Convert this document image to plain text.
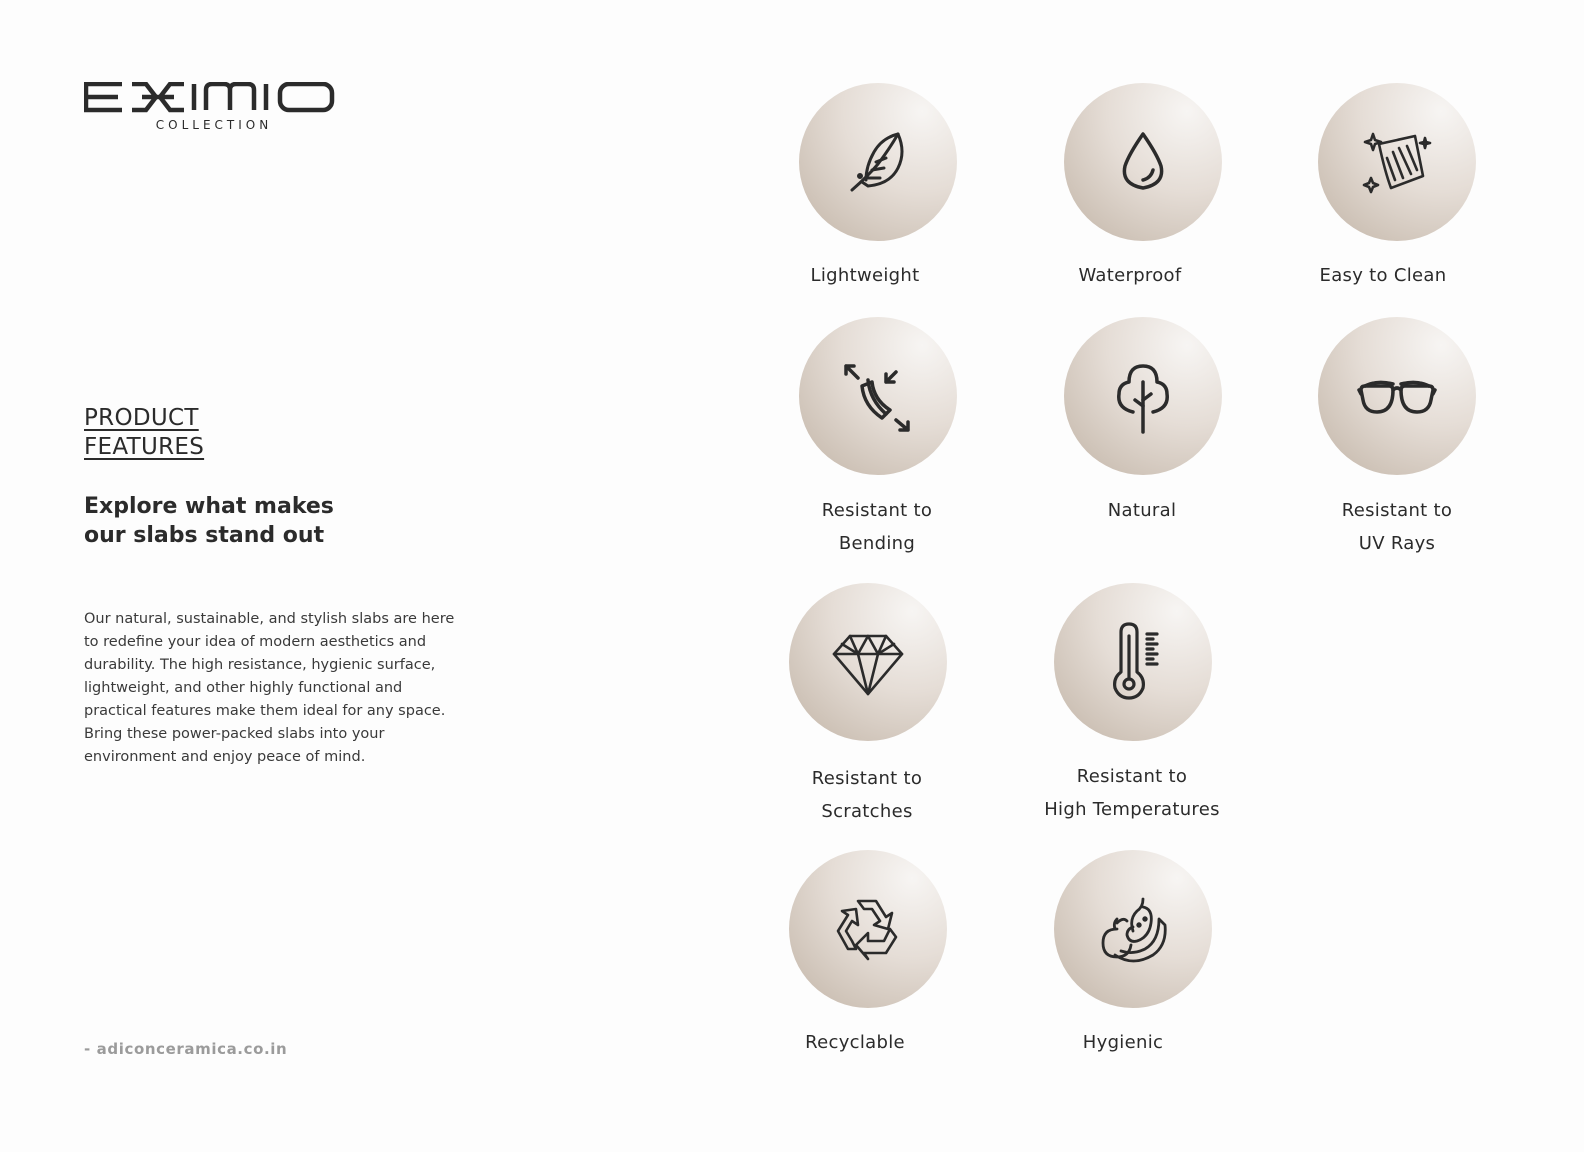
COLLECTION
PRODUCT
FEATURES
Explore what makes our slabs stand out
Our natural, sustainable, and stylish slabs are here to redefine your idea of modern aesthetics and durability. The high resistance, hygienic surface, lightweight, and other highly functional and practical features make them ideal for any space. Bring these power-packed slabs into your environment and enjoy peace of mind.
- adiconceramica.co.in
Lightweight	Waterproof	Easy to Clean
Resistant to
Bending
Natural	Resistant to
UV Rays
Resistant to
Scratches
Resistant to
High Temperatures
Recyclable	Hygienic
